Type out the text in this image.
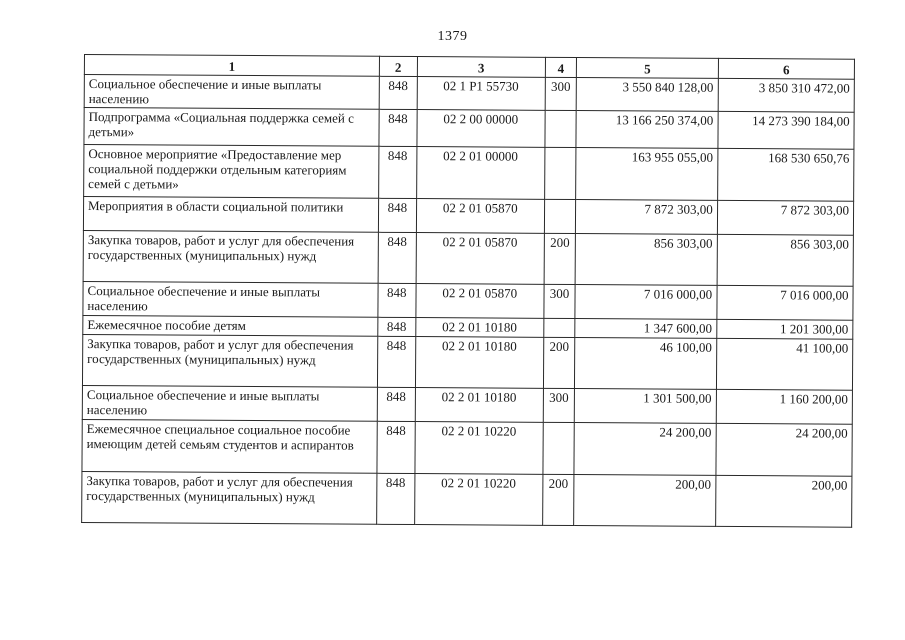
1379
1	2	3	4	5	6
Социальное обеспечение и иные выплаты населению	848	02 1 P1 55730	300	3 550 840 128,00	3 850 310 472,00
Подпрограмма «Социальная поддержка семей с детьми»	848	02 2 00 00000		13 166 250 374,00	14 273 390 184,00
Основное мероприятие «Предоставление мер социальной поддержки отдельным категориям семей с детьми»	848	02 2 01 00000		163 955 055,00	168 530 650,76
Мероприятия в области социальной политики	848	02 2 01 05870		7 872 303,00	7 872 303,00
Закупка товаров, работ и услуг для обеспечения государственных (муниципальных) нужд	848	02 2 01 05870	200	856 303,00	856 303,00
Социальное обеспечение и иные выплаты населению	848	02 2 01 05870	300	7 016 000,00	7 016 000,00
Ежемесячное пособие детям	848	02 2 01 10180		1 347 600,00	1 201 300,00
Закупка товаров, работ и услуг для обеспечения государственных (муниципальных) нужд	848	02 2 01 10180	200	46 100,00	41 100,00
Социальное обеспечение и иные выплаты населению	848	02 2 01 10180	300	1 301 500,00	1 160 200,00
Ежемесячное специальное социальное пособие имеющим детей семьям студентов и аспирантов	848	02 2 01 10220		24 200,00	24 200,00
Закупка товаров, работ и услуг для обеспечения государственных (муниципальных) нужд	848	02 2 01 10220	200	200,00	200,00
